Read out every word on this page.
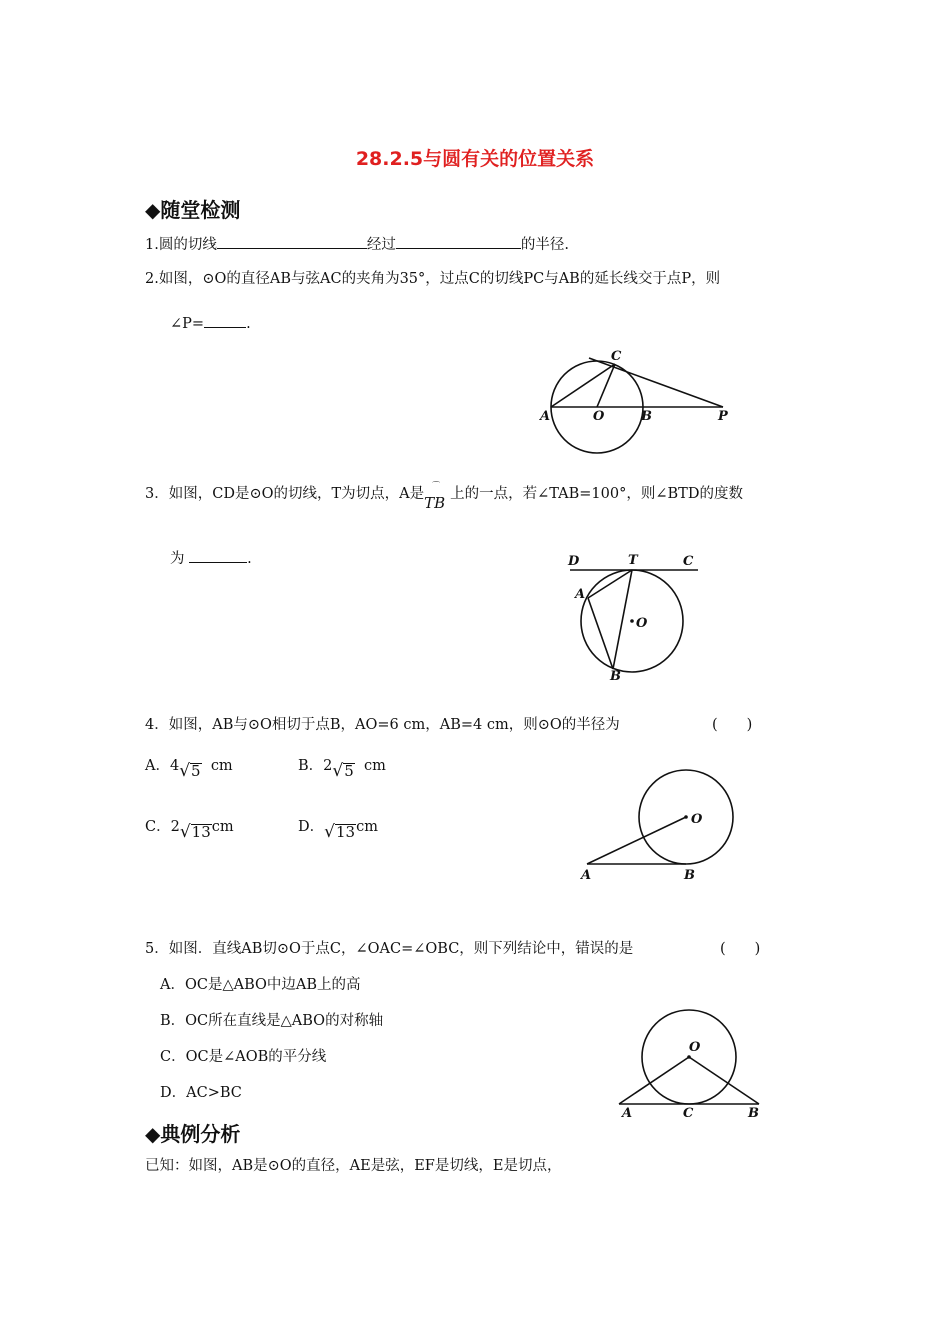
28.2.5与圆有关的位置关系
◆随堂检测
1.圆的切线	经过	的半径.
2.如图，⊙O的直径AB与弦AC的夹角为35°，过点C的切线PC与AB的延长线交于点P，则
∠P=	.
C
A	O	B	P
3．如图，CD是⊙O的切线，T为切点，A是
⌒
TB 上的一点，若∠TAB=100°，则∠BTD的度数
为	.	D	T	C
A
O
B
4．如图，AB与⊙O相切于点B，AO=6 cm，AB=4 cm，则⊙O的半径为	(　　)
A．4√5 cm	B．2√5 cm
C．2√13cm	D．√13cm	O
A	B
5．如图．直线AB切⊙O于点C，∠OAC=∠OBC，则下列结论中，错误的是	(　　)
A．OC是△ABO中边AB上的高
B．OC所在直线是△ABO的对称轴
C．OC是∠AOB的平分线
D．AC>BC
O
A	C	B
◆典例分析
已知：如图，AB是⊙O的直径，AE是弦，EF是切线，E是切点，
